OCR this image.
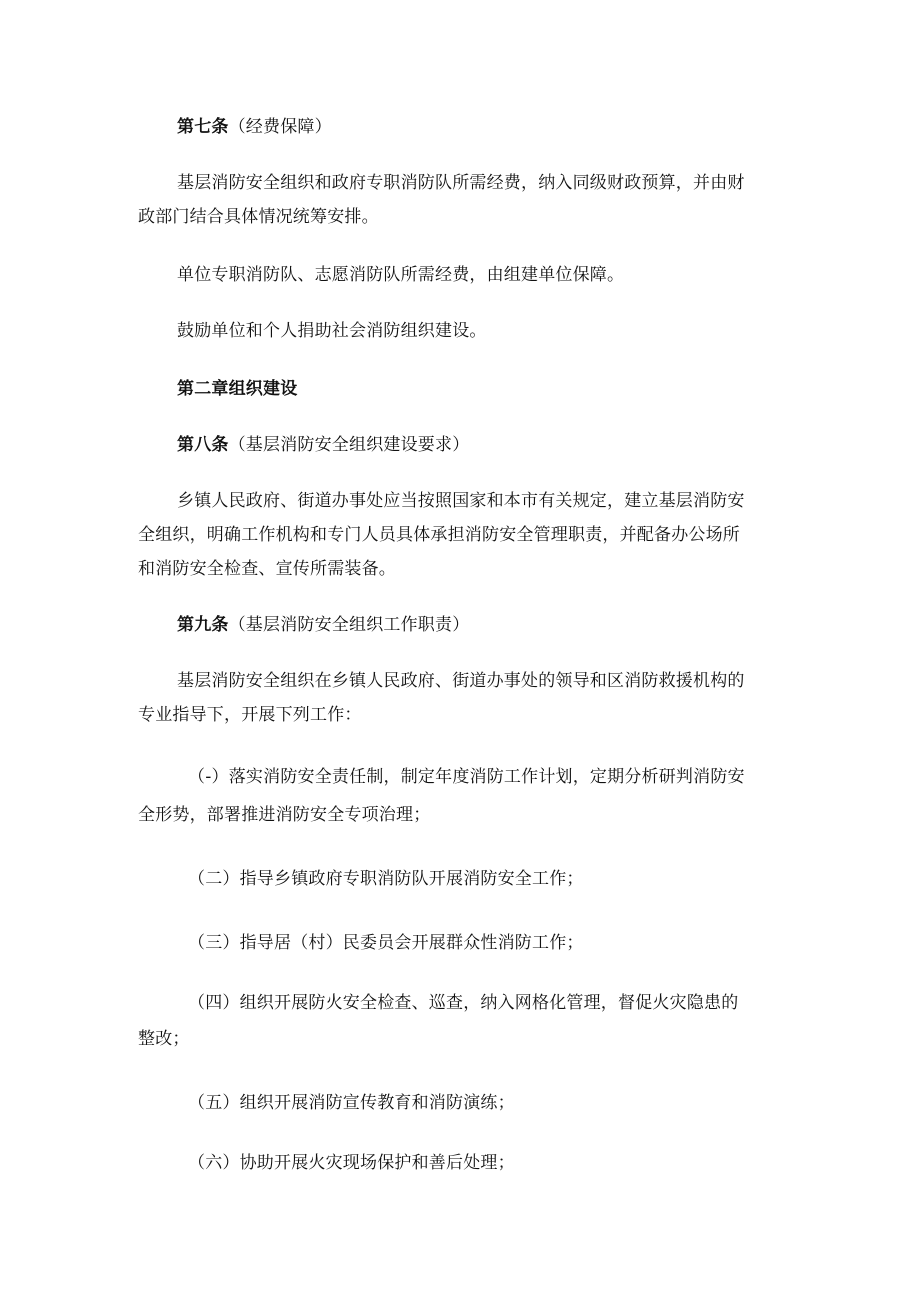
第七条（经费保障）
基层消防安全组织和政府专职消防队所需经费，纳入同级财政预算，并由财
政部门结合具体情况统筹安排。
单位专职消防队、志愿消防队所需经费，由组建单位保障。
鼓励单位和个人捐助社会消防组织建设。
第二章组织建设
第八条（基层消防安全组织建设要求）
乡镇人民政府、街道办事处应当按照国家和本市有关规定，建立基层消防安
全组织，明确工作机构和专门人员具体承担消防安全管理职责，并配备办公场所
和消防安全检查、宣传所需装备。
第九条（基层消防安全组织工作职责）
基层消防安全组织在乡镇人民政府、街道办事处的领导和区消防救援机构的
专业指导下，开展下列工作：
（-）落实消防安全责任制，制定年度消防工作计划，定期分析研判消防安
全形势，部署推进消防安全专项治理；
（二）指导乡镇政府专职消防队开展消防安全工作；
（三）指导居（村）民委员会开展群众性消防工作；
（四）组织开展防火安全检查、巡查，纳入网格化管理，督促火灾隐患的
整改；
（五）组织开展消防宣传教育和消防演练；
（六）协助开展火灾现场保护和善后处理；
